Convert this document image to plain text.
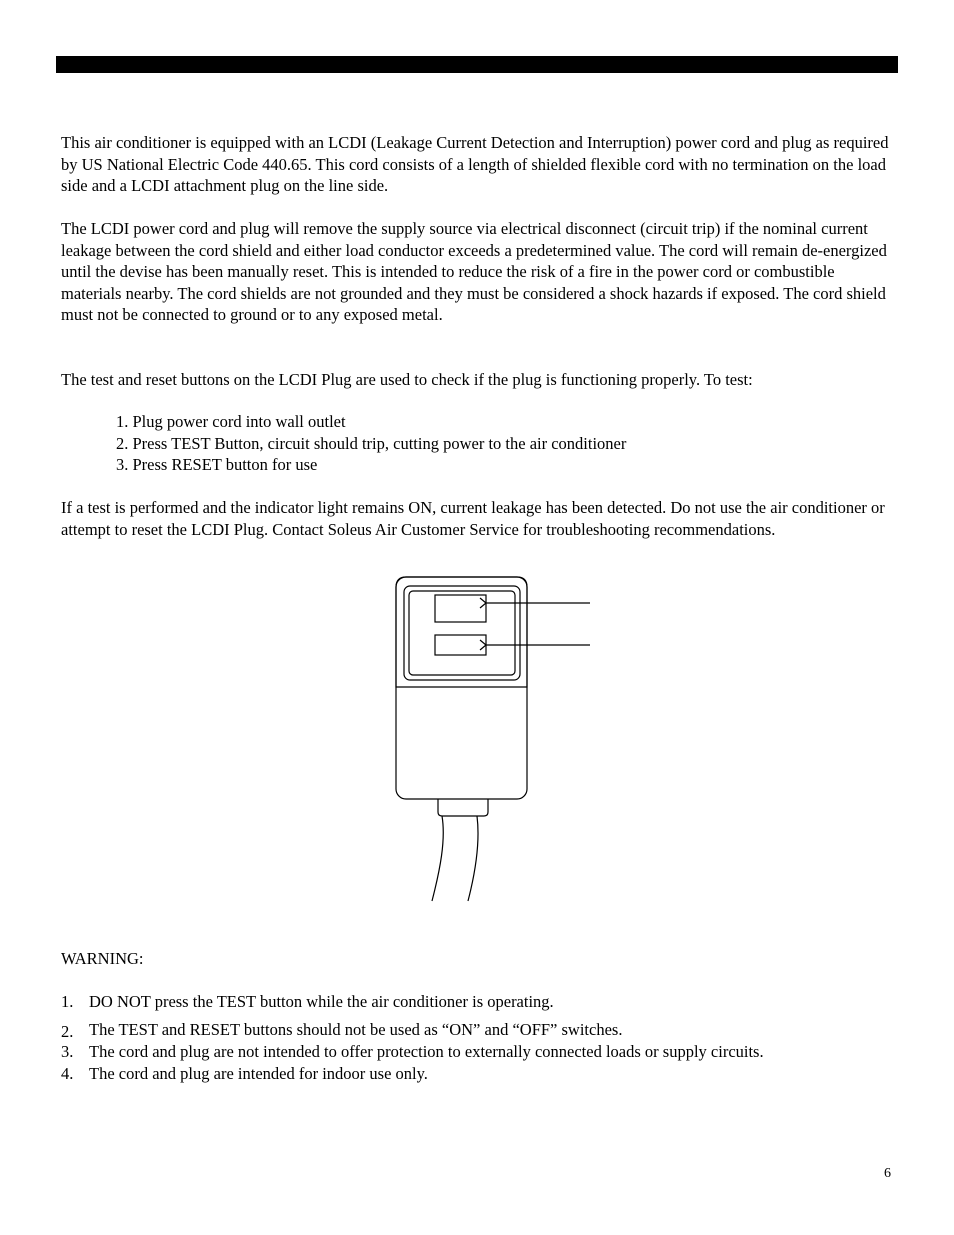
This air conditioner is equipped with an LCDI (Leakage Current Detection and Interruption) power cord and plug as required by US National Electric Code 440.65. This cord consists of a length of shielded flexible cord with no termination on the load side and a LCDI attachment plug on the line side.

The LCDI power cord and plug will remove the supply source via electrical disconnect (circuit trip) if the nominal current leakage between the cord shield and either load conductor exceeds a predetermined value. The cord will remain de-energized until the devise has been manually reset. This is intended to reduce the risk of a fire in the power cord or combustible materials nearby. The cord shields are not grounded and they must be considered a shock hazards if exposed. The cord shield must not be connected to ground or to any exposed metal.

The test and reset buttons on the LCDI Plug are used to check if the plug is functioning properly. To test:

1. Plug power cord into wall outlet
2. Press TEST Button, circuit should trip, cutting power to the air conditioner
3. Press RESET button for use

If a test is performed and the indicator light remains ON, current leakage has been detected. Do not use the air conditioner or attempt to reset the LCDI Plug. Contact Soleus Air Customer Service for troubleshooting recommendations.

WARNING:
1. DO NOT press the TEST button while the air conditioner is operating.
2. The TEST and RESET buttons should not be used as “ON” and “OFF” switches.
3. The cord and plug are not intended to offer protection to externally connected loads or supply circuits.
4. The cord and plug are intended for indoor use only.
6
